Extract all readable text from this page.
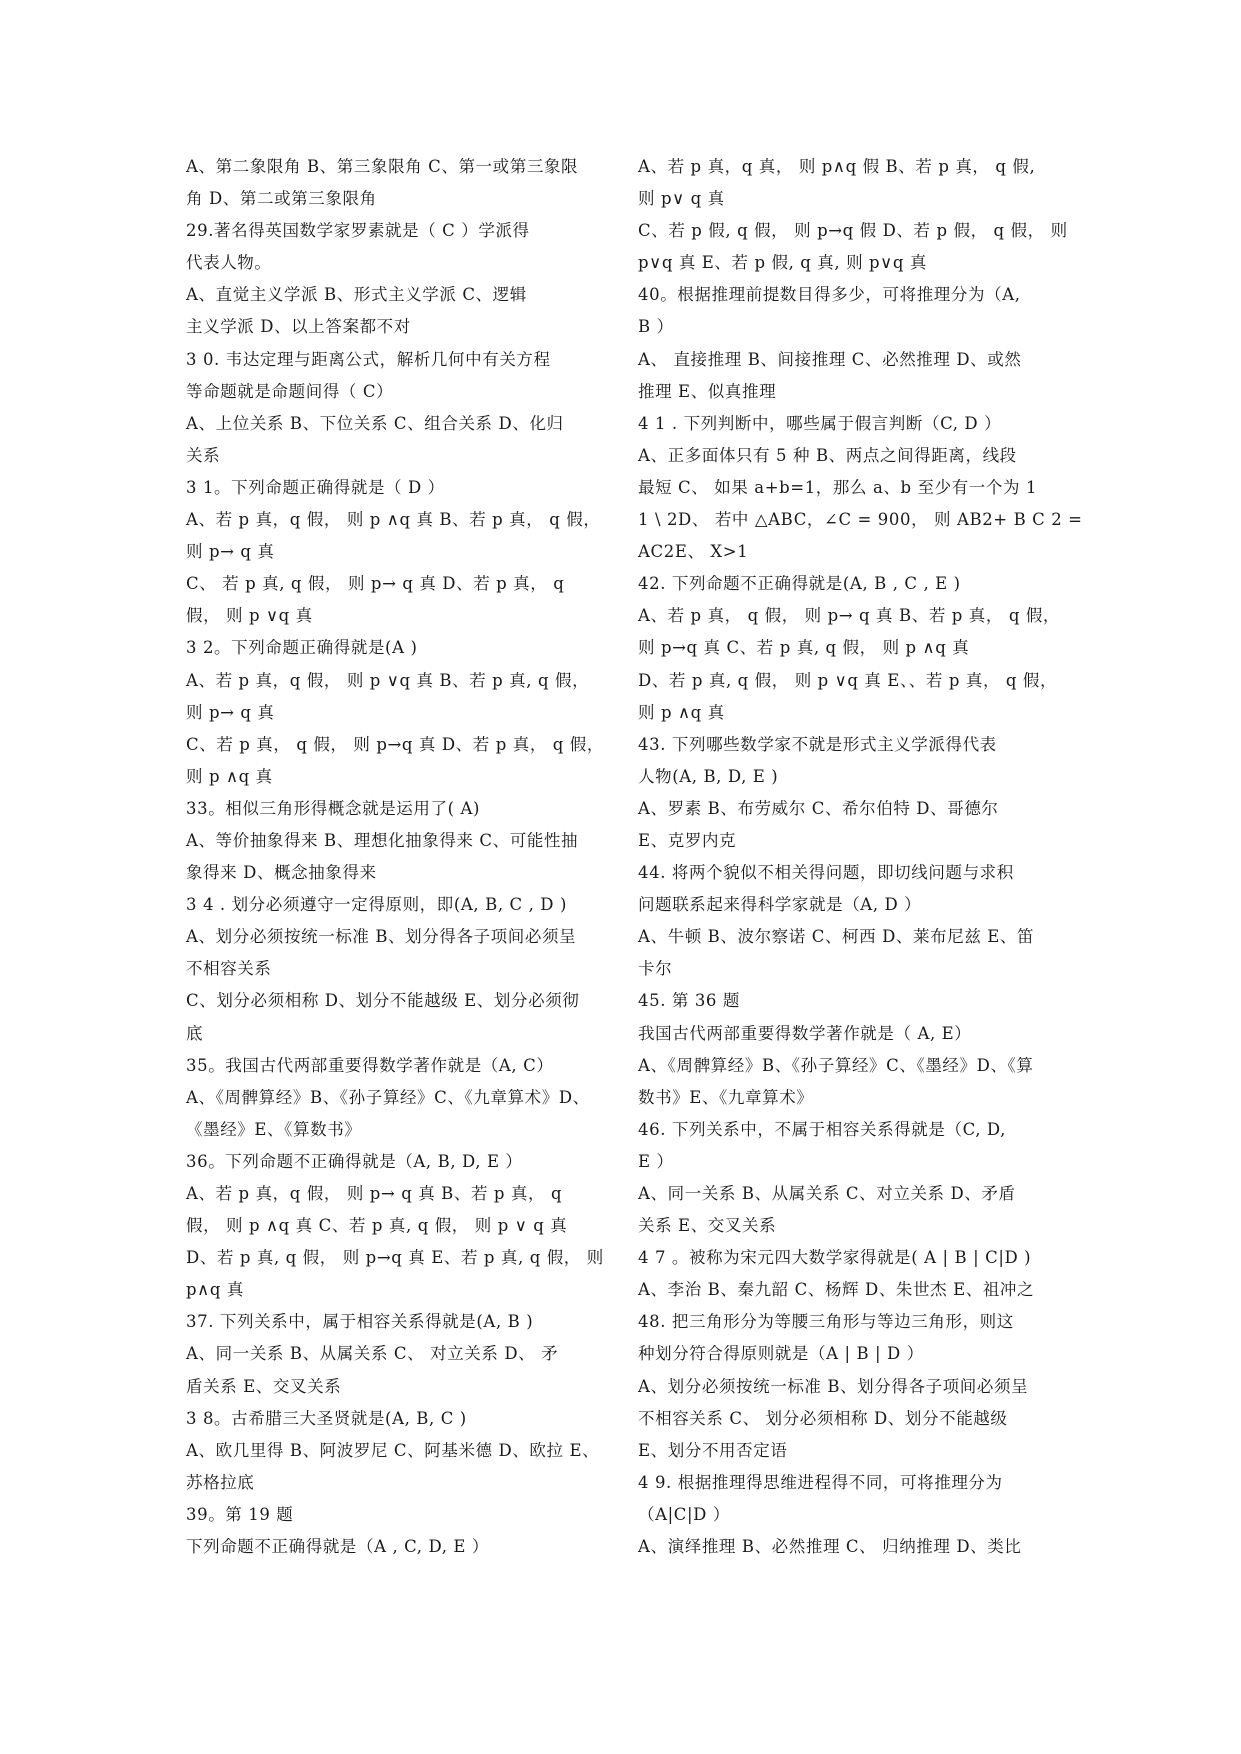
A、第二象限角 B、第三象限角 C、第一或第三象限
角 D、第二或第三象限角
29.著名得英国数学家罗素就是（ C ）学派得
代表人物。
A、直觉主义学派 B、形式主义学派 C、逻辑
主义学派 D、以上答案都不对
3 0. 韦达定理与距离公式，解析几何中有关方程
等命题就是命题间得（ C）
A、上位关系 B、下位关系 C、组合关系 D、化归
关系
3 1。下列命题正确得就是（ D ）
A、若 p 真，q 假， 则 p ∧q 真 B、若 p 真， q 假，
则 p→ q 真
C、 若 p 真, q 假， 则 p→ q 真 D、若 p 真， q
假， 则 p ∨q 真
3 2。下列命题正确得就是(A )
A、若 p 真，q 假， 则 p ∨q 真 B、若 p 真, q 假，
则 p→ q 真
C、若 p 真， q 假， 则 p→q 真 D、若 p 真， q 假，
则 p ∧q 真
33。相似三角形得概念就是运用了( A)
A、等价抽象得来 B、理想化抽象得来 C、可能性抽
象得来 D、概念抽象得来
3 4 . 划分必须遵守一定得原则，即(A, B, C , D )
A、划分必须按统一标准 B、划分得各子项间必须呈
不相容关系
C、划分必须相称 D、划分不能越级 E、划分必须彻
底
35。我国古代两部重要得数学著作就是（A, C）
A、《周髀算经》B、《孙子算经》C、《九章算术》D、
《墨经》E、《算数书》
36。下列命题不正确得就是（A, B, D, E ）
A、若 p 真，q 假， 则 p→ q 真 B、若 p 真， q
假， 则 p ∧q 真 C、若 p 真, q 假， 则 p ∨ q 真
D、若 p 真, q 假， 则 p→q 真 E、若 p 真, q 假， 则
p∧q 真
37. 下列关系中，属于相容关系得就是(A, B )
A、同一关系 B、从属关系 C、 对立关系 D、 矛
盾关系 E、交叉关系
3 8。古希腊三大圣贤就是(A, B, C )
A、欧几里得 B、阿波罗尼 C、阿基米德 D、欧拉 E、
苏格拉底
39。第 19 题
下列命题不正确得就是（A , C, D, E ）
A、若 p 真，q 真， 则 p∧q 假 B、若 p 真， q 假,
则 p∨ q 真
C、若 p 假, q 假， 则 p→q 假 D、若 p 假， q 假， 则
p∨q 真 E、若 p 假, q 真, 则 p∨q 真
40。根据推理前提数目得多少，可将推理分为（A,
B ）
A、 直接推理 B、间接推理 C、必然推理 D、或然
推理 E、似真推理
4 1 . 下列判断中，哪些属于假言判断（C, D ）
A、正多面体只有 5 种 B、两点之间得距离，线段
最短 C、 如果 a+b=1，那么 a、b 至少有一个为 1
1 \ 2D、 若中 △ABC，∠C = 900， 则 AB2+ B C 2 =
AC2E、 X>1
42. 下列命题不正确得就是(A, B , C , E )
A、若 p 真， q 假， 则 p→ q 真 B、若 p 真， q 假，
则 p→q 真 C、若 p 真, q 假， 则 p ∧q 真
D、若 p 真, q 假， 则 p ∨q 真 E、、若 p 真， q 假，
则 p ∧q 真
43. 下列哪些数学家不就是形式主义学派得代表
人物(A, B, D, E )
A、罗素 B、布劳威尔 C、希尔伯特 D、哥德尔
E、克罗内克
44. 将两个貌似不相关得问题，即切线问题与求积
问题联系起来得科学家就是（A, D ）
A、牛顿 B、波尔察诺 C、柯西 D、莱布尼兹 E、笛
卡尔
45. 第 36 题
我国古代两部重要得数学著作就是（ A, E）
A、《周髀算经》B、《孙子算经》C、《墨经》D、《算
数书》E、《九章算术》
46. 下列关系中，不属于相容关系得就是（C, D,
E ）
A、同一关系 B、从属关系 C、对立关系 D、矛盾
关系 E、交叉关系
4 7 。被称为宋元四大数学家得就是( A | B | C|D )
A、李治 B、秦九韶 C、杨辉 D、朱世杰 E、祖冲之
48. 把三角形分为等腰三角形与等边三角形，则这
种划分符合得原则就是（A | B | D ）
A、划分必须按统一标准 B、划分得各子项间必须呈
不相容关系 C、 划分必须相称 D、划分不能越级
E、划分不用否定语
4 9. 根据推理得思维进程得不同，可将推理分为
（A|C|D ）
A、演绎推理 B、必然推理 C、 归纳推理 D、类比
